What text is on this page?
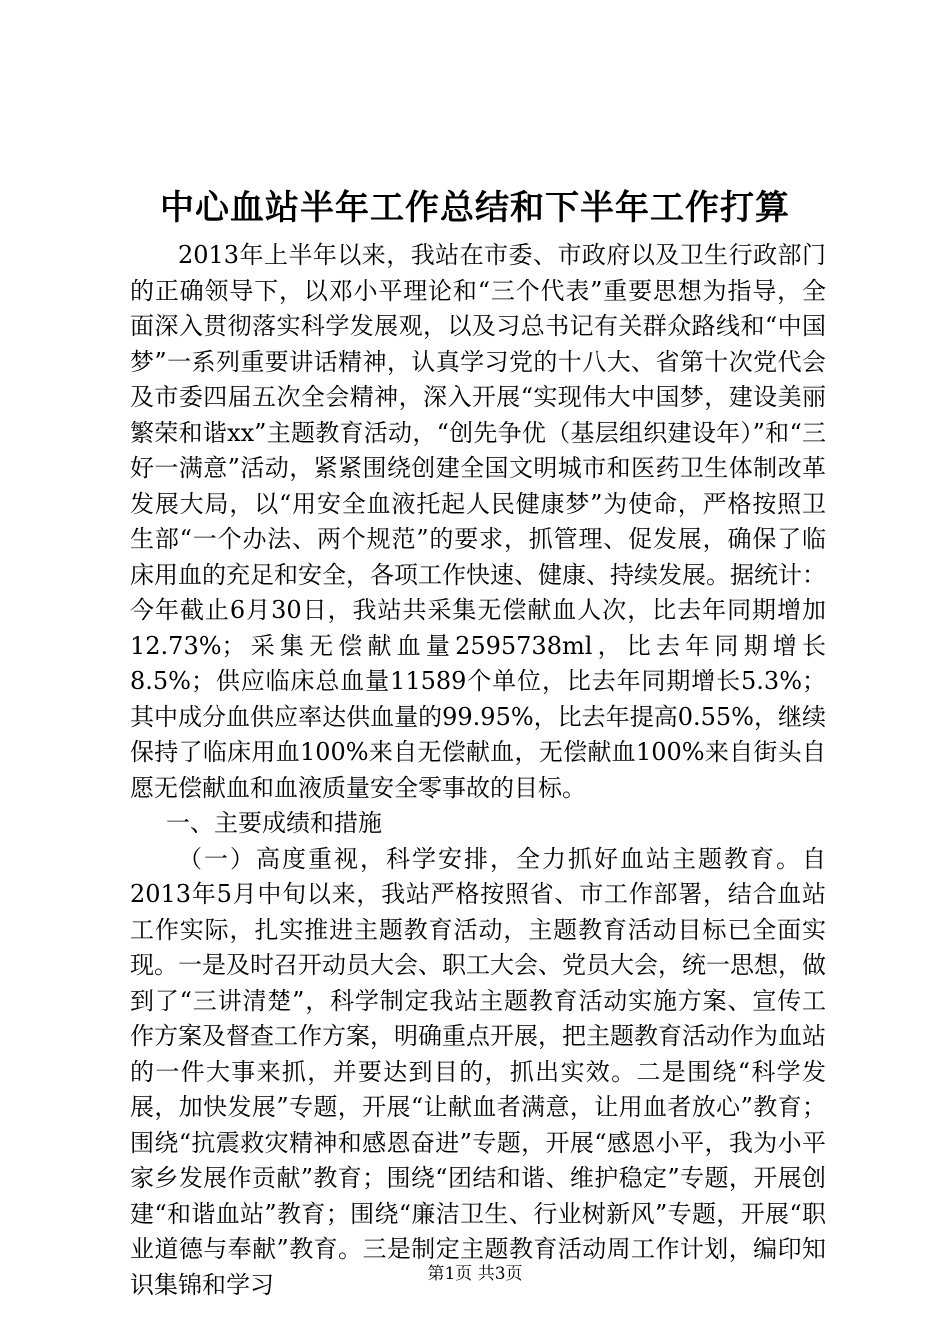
中心血站半年工作总结和下半年工作打算

2013年上半年以来，我站在市委、市政府以及卫生行政部门的正确领导下，以邓小平理论和“三个代表”重要思想为指导，全面深入贯彻落实科学发展观，以及习总书记有关群众路线和“中国梦”一系列重要讲话精神，认真学习党的十八大、省第十次党代会及市委四届五次全会精神，深入开展“实现伟大中国梦，建设美丽繁荣和谐xx”主题教育活动，“创先争优（基层组织建设年）”和“三好一满意”活动，紧紧围绕创建全国文明城市和医药卫生体制改革发展大局，以“用安全血液托起人民健康梦”为使命，严格按照卫生部“一个办法、两个规范”的要求，抓管理、促发展，确保了临床用血的充足和安全，各项工作快速、健康、持续发展。据统计：今年截止6月30日，我站共采集无偿献血人次，比去年同期增加12.73%；采集无偿献血量2595738ml，比去年同期增长8.5%；供应临床总血量11589个单位，比去年同期增长5.3%；其中成分血供应率达供血量的99.95%，比去年提高0.55%，继续保持了临床用血100%来自无偿献血，无偿献血100%来自街头自愿无偿献血和血液质量安全零事故的目标。

一、主要成绩和措施

（一）高度重视，科学安排，全力抓好血站主题教育。自2013年5月中旬以来，我站严格按照省、市工作部署，结合血站工作实际，扎实推进主题教育活动，主题教育活动目标已全面实现。一是及时召开动员大会、职工大会、党员大会，统一思想，做到了“三讲清楚”，科学制定我站主题教育活动实施方案、宣传工作方案及督查工作方案，明确重点开展，把主题教育活动作为血站的一件大事来抓，并要达到目的，抓出实效。二是围绕“科学发展，加快发展”专题，开展“让献血者满意，让用血者放心”教育；围绕“抗震救灾精神和感恩奋进”专题，开展“感恩小平，我为小平家乡发展作贡献”教育；围绕“团结和谐、维护稳定”专题，开展创建“和谐血站”教育；围绕“廉洁卫生、行业树新风”专题，开展“职业道德与奉献”教育。三是制定主题教育活动周工作计划，编印知识集锦和学习	第1页 共3页
